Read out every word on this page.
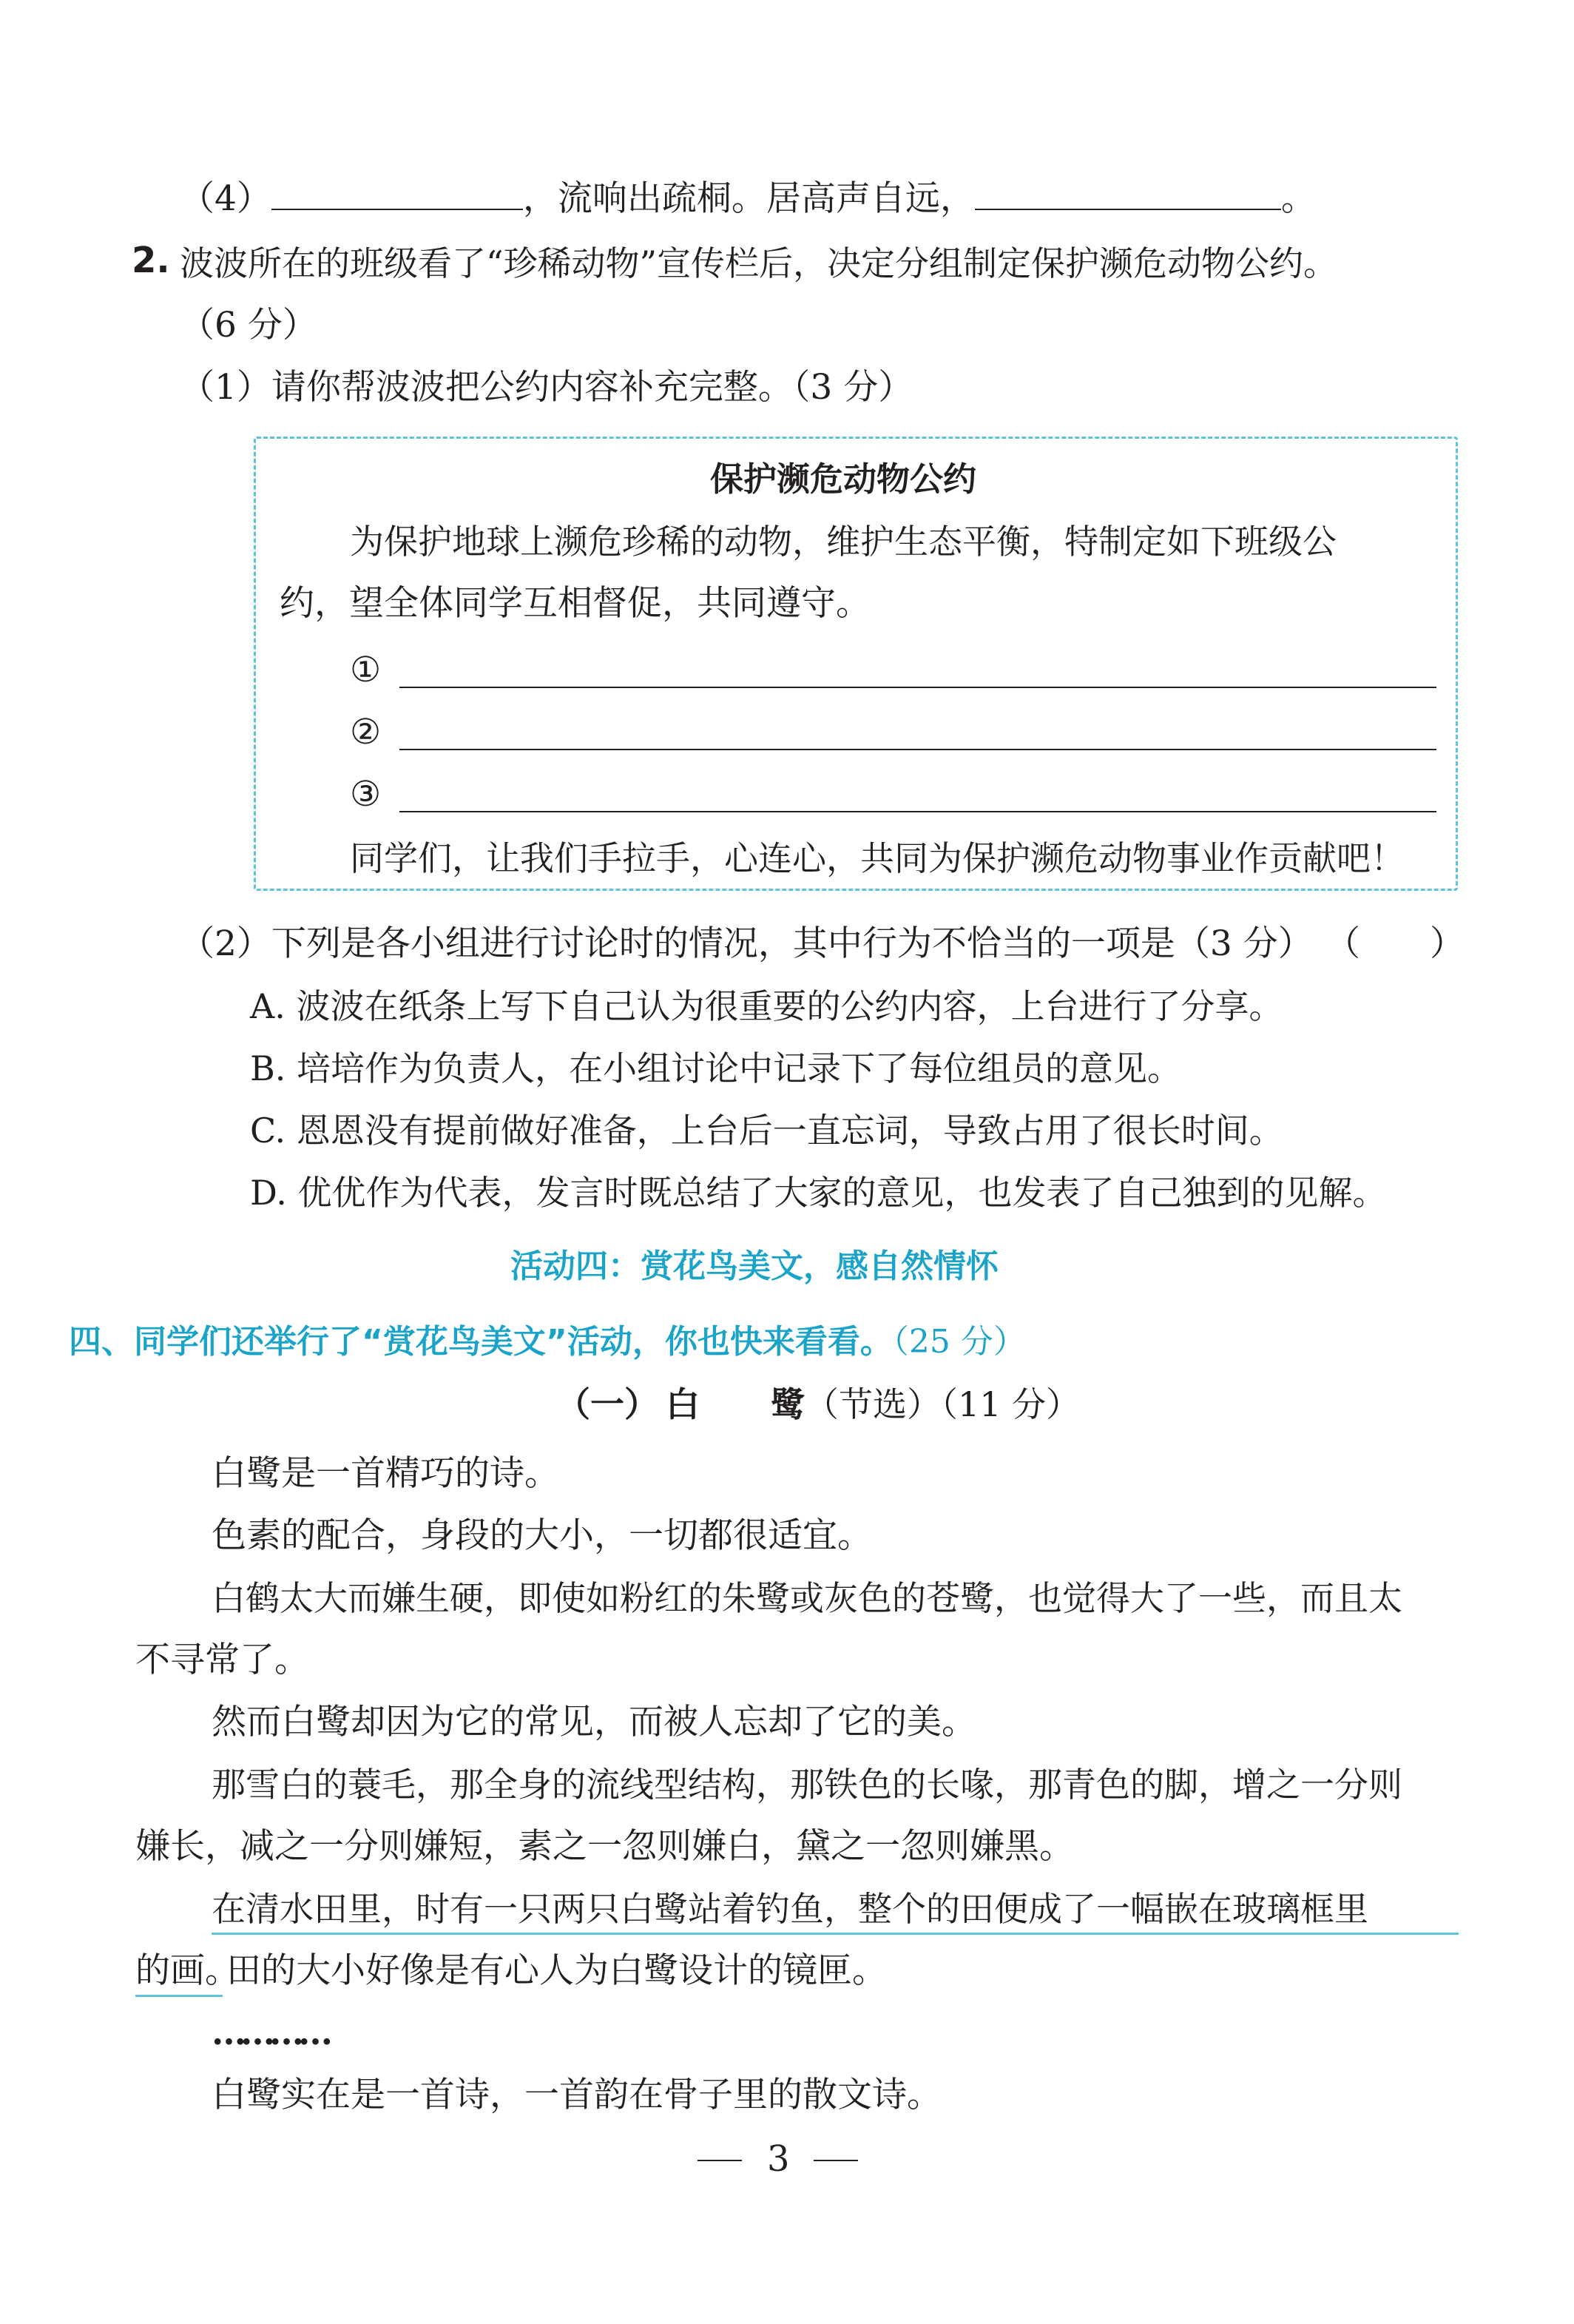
（4）	，流响出疏桐。居高声自远，	。
2. 波波所在的班级看了“珍稀动物”宣传栏后，决定分组制定保护濒危动物公约。
（6 分）
（1）请你帮波波把公约内容补充完整。（3 分）
保护濒危动物公约
为保护地球上濒危珍稀的动物，维护生态平衡，特制定如下班级公
约，望全体同学互相督促，共同遵守。
①
②
③
同学们，让我们手拉手，心连心，共同为保护濒危动物事业作贡献吧！
（2）下列是各小组进行讨论时的情况，其中行为不恰当的一项是（3 分） （　　）
A. 波波在纸条上写下自己认为很重要的公约内容，上台进行了分享。
B. 培培作为负责人，在小组讨论中记录下了每位组员的意见。
C. 恩恩没有提前做好准备，上台后一直忘词，导致占用了很长时间。
D. 优优作为代表，发言时既总结了大家的意见，也发表了自己独到的见解。
活动四：赏花鸟美文，感自然情怀
四、同学们还举行了“赏花鸟美文”活动，你也快来看看。（25 分）
（一） 白 鹭（节选）（11 分）
白鹭是一首精巧的诗。
色素的配合，身段的大小，一切都很适宜。
白鹤太大而嫌生硬，即使如粉红的朱鹭或灰色的苍鹭，也觉得大了一些，而且太
不寻常了。
然而白鹭却因为它的常见，而被人忘却了它的美。
那雪白的蓑毛，那全身的流线型结构，那铁色的长喙，那青色的脚，增之一分则
嫌长，减之一分则嫌短，素之一忽则嫌白，黛之一忽则嫌黑。
在清水田里，时有一只两只白鹭站着钓鱼，整个的田便成了一幅嵌在玻璃框里
的画。
田的大小好像是有心人为白鹭设计的镜匣。
…………
白鹭实在是一首诗，一首韵在骨子里的散文诗。
3
